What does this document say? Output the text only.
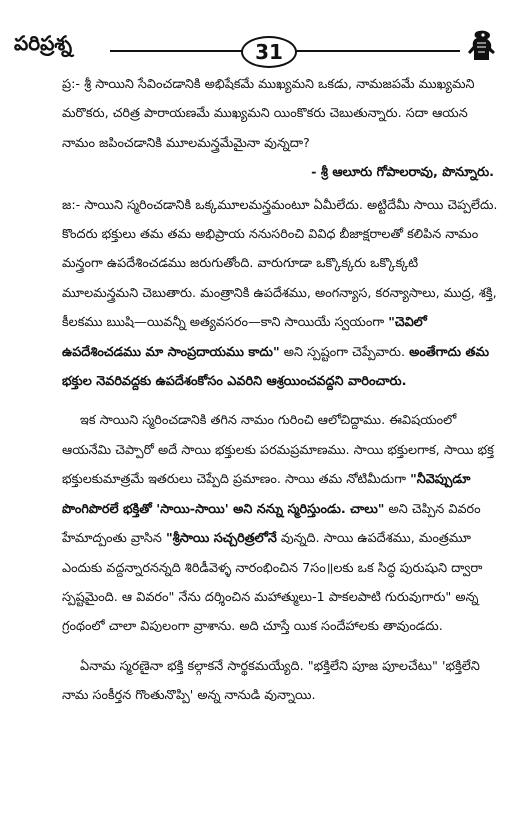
పరిప్రశ్న	31

ప్ర:- శ్రీ సాయిని సేవించడానికి అభిషేకమే ముఖ్యమని ఒకడు, నామజపమే ముఖ్యమని మరొకరు, చరిత్ర పారాయణమే ముఖ్యమని యింకొకరు చెబుతున్నారు. సదా ఆయన నామం జపించడానికి మూలమన్త్రమేమైనా వున్నదా?

- శ్రీ ఆలూరు గోపాలరావు, పొన్నూరు.

జ:- సాయిని స్మరించడానికి ఒక్కమూలమన్త్రమంటూ ఏమీలేదు. అట్టిదేమీ సాయి చెప్పలేదు. కొందరు భక్తులు తమ తమ అభిప్రాయ ననుసరించి వివిధ బీజాక్షరాలతో కలిపిన నామం మన్త్రంగా ఉపదేశించడము జరుగుతోంది. వారుగూడా ఒక్కొక్కరు ఒక్కొక్కటి మూలమన్త్రమని చెబుతారు. మంత్రానికి ఉపదేశము, అంగన్యాస, కరన్యాసాలు, ముద్ర, శక్తి, కీలకము ఋషి—యివన్నీ అత్యవసరం—కాని సాయియే స్వయంగా "చెవిలో ఉపదేశించడము మా సాంప్రదాయము కాదు" అని స్పష్టంగా చెప్పేవారు. అంతేగాదు తమ భక్తుల నెవరివద్దకు ఉపదేశంకోసం ఎవరిని ఆశ్రయించవద్దని వారించారు.

ఇక సాయిని స్మరించడానికి తగిన నామం గురించి ఆలోచిద్దాము. ఈవిషయంలో ఆయనేమి చెప్పారో అదే సాయి భక్తులకు పరమప్రమాణము. సాయి భక్తులగాక, సాయి భక్త భక్తులకుమాత్రమే ఇతరులు చెప్పేది ప్రమాణం. సాయి తమ నోటిమీదుగా "నీవెప్పుడూ పొంగిపొరలే భక్తితో 'సాయి-సాయి' అని నన్ను స్మరిస్తుండు. చాలు" అని చెప్పిన వివరం హేమాద్పంతు వ్రాసిన "శ్రీసాయి సచ్చరిత్రలోనే వున్నది. సాయి ఉపదేశము, మంత్రమూ ఎందుకు వద్దన్నారనన్నది శిరిడీవెళ్ళ నారంభించిన 7సం॥లకు ఒక సిద్ధ పురుషుని ద్వారా స్పష్టమైంది. ఆ వివరం" నేను దర్శించిన మహాత్ములు-1 పాకలపాటి గురువుగారు" అన్న గ్రంథంలో చాలా విపులంగా వ్రాశాను. అది చూస్తే యిక సందేహాలకు తావుండదు.

ఏనామ స్మరణైనా భక్తి కల్గాకనే సార్థకమయ్యేది. "భక్తిలేని పూజ పూలచేటు" 'భక్తిలేని నామ సంకీర్తన గొంతునొప్పి' అన్న నానుడి వున్నాయి.
